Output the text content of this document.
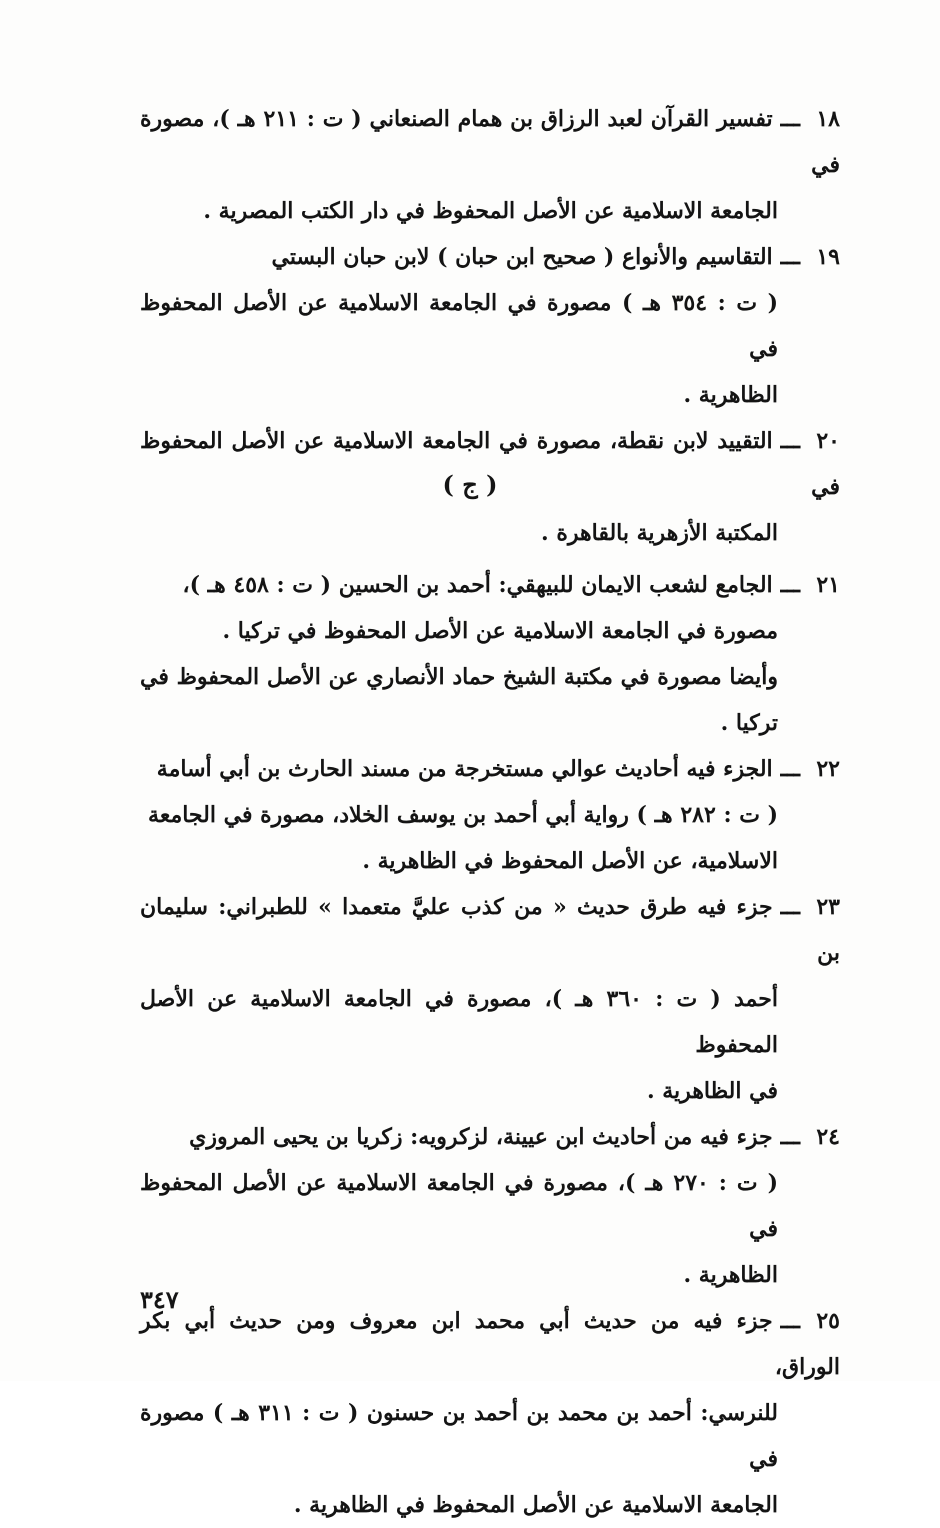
١٨ـــتفسير القرآن لعبد الرزاق بن همام الصنعاني ( ت : ٢١١ هـ )، مصورة في
الجامعة الاسلامية عن الأصل المحفوظ في دار الكتب المصرية .
١٩ـــالتقاسيم والأنواع ( صحيح ابن حبان ) لابن حبان البستي
( ت : ٣٥٤ هـ ) مصورة في الجامعة الاسلامية عن الأصل المحفوظ في
الظاهرية .
٢٠ـــالتقييد لابن نقطة، مصورة في الجامعة الاسلامية عن الأصل المحفوظ في
المكتبة الأزهرية بالقاهرة .
( ج )
٢١ـــالجامع لشعب الايمان للبيهقي: أحمد بن الحسين ( ت : ٤٥٨ هـ )،
مصورة في الجامعة الاسلامية عن الأصل المحفوظ في تركيا .
وأيضا مصورة في مكتبة الشيخ حماد الأنصاري عن الأصل المحفوظ في تركيا .
٢٢ـــالجزء فيه أحاديث عوالي مستخرجة من مسند الحارث بن أبي أسامة
( ت : ٢٨٢ هـ ) رواية أبي أحمد بن يوسف الخلاد، مصورة في الجامعة
الاسلامية، عن الأصل المحفوظ في الظاهرية .
٢٣ـــجزء فيه طرق حديث « من كذب عليَّ متعمدا » للطبراني: سليمان بن
أحمد ( ت : ٣٦٠ هـ )، مصورة في الجامعة الاسلامية عن الأصل المحفوظ
في الظاهرية .
٢٤ـــجزء فيه من أحاديث ابن عيينة، لزكرويه: زكريا بن يحيى المروزي
( ت : ٢٧٠ هـ )، مصورة في الجامعة الاسلامية عن الأصل المحفوظ في
الظاهرية .
٢٥ـــجزء فيه من حديث أبي محمد ابن معروف ومن حديث أبي بكر الوراق،
للنرسي: أحمد بن محمد بن أحمد بن حسنون ( ت : ٣١١ هـ ) مصورة في
الجامعة الاسلامية عن الأصل المحفوظ في الظاهرية .
٣٤٧
